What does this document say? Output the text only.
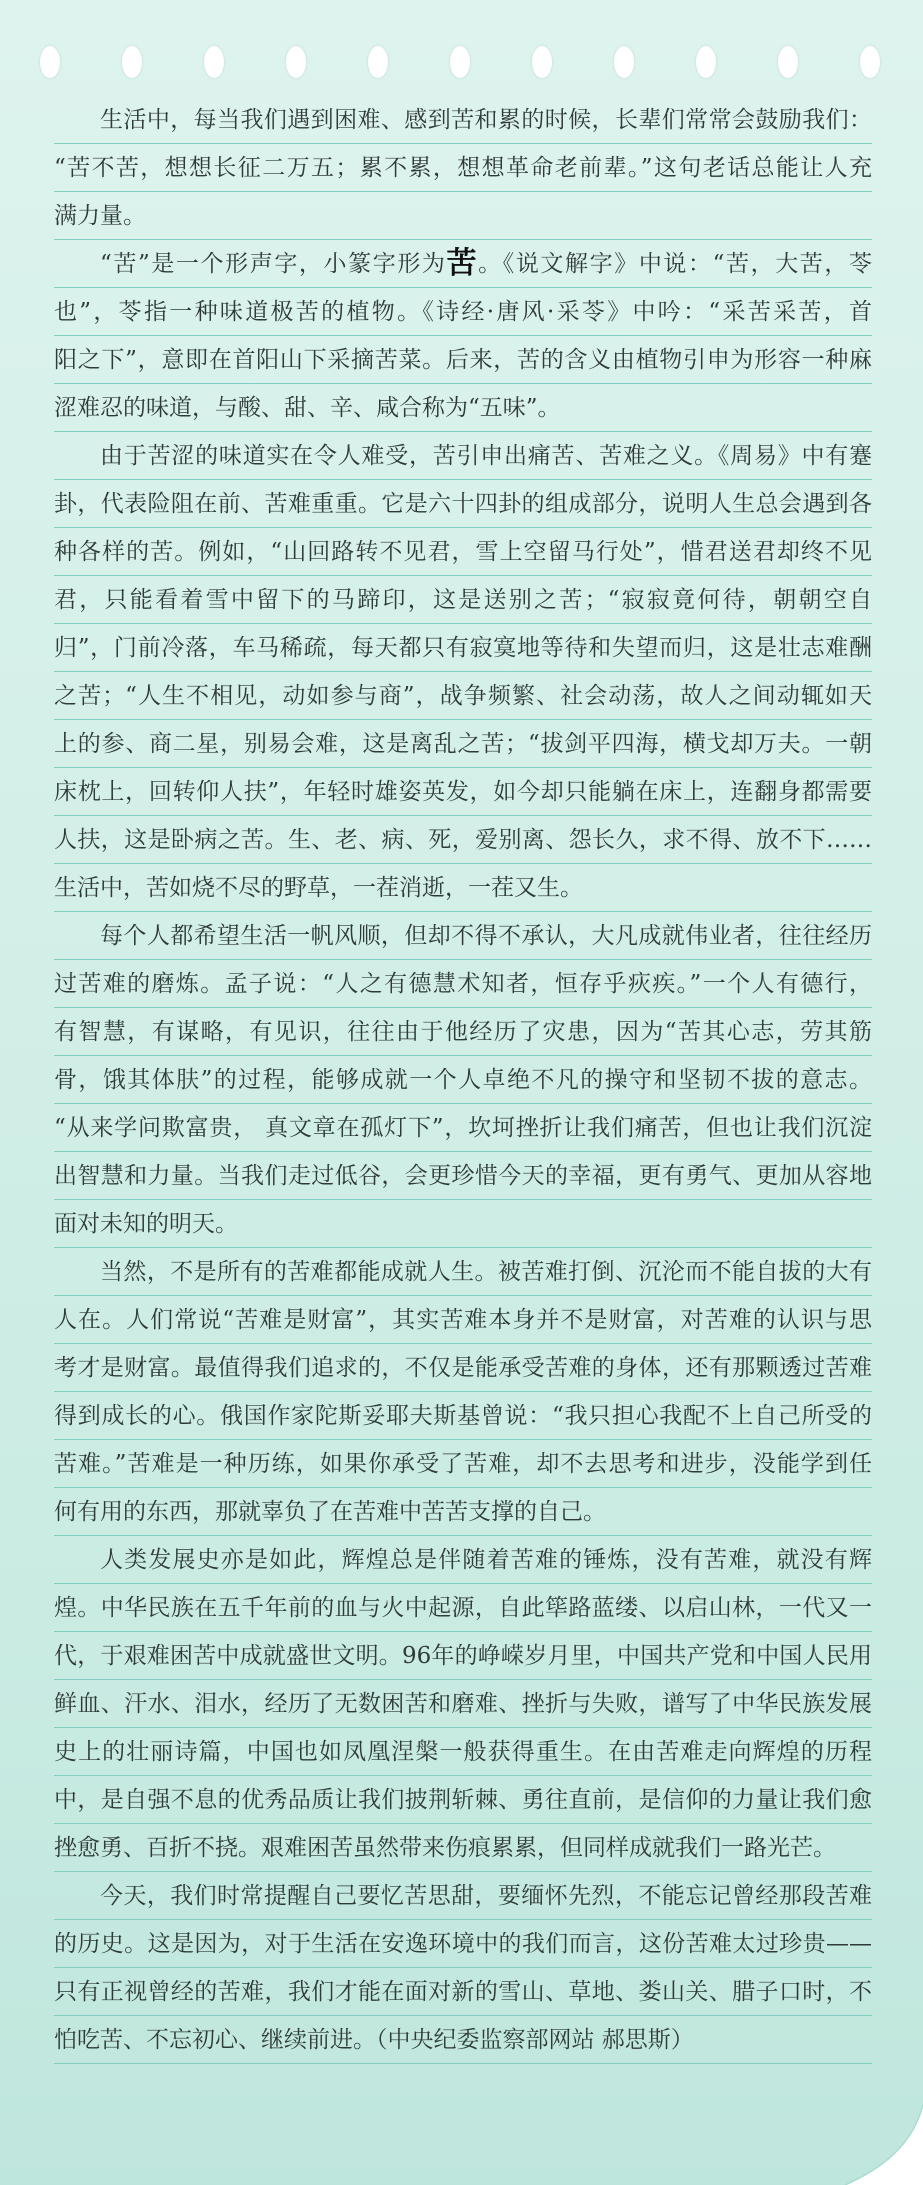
生活中，每当我们遇到困难、感到苦和累的时候，长辈们常常会鼓励我们：
“苦不苦，想想长征二万五；累不累，想想革命老前辈。”这句老话总能让人充
满力量。
“苦”是一个形声字，小篆字形为苦。《说文解字》中说：“苦，大苦，苓
也”，苓指一种味道极苦的植物。《诗经·唐风·采苓》中吟：“采苦采苦，首
阳之下”，意即在首阳山下采摘苦菜。后来，苦的含义由植物引申为形容一种麻
涩难忍的味道，与酸、甜、辛、咸合称为“五味”。
由于苦涩的味道实在令人难受，苦引申出痛苦、苦难之义。《周易》中有蹇
卦，代表险阻在前、苦难重重。它是六十四卦的组成部分，说明人生总会遇到各
种各样的苦。例如，“山回路转不见君，雪上空留马行处”，惜君送君却终不见
君，只能看着雪中留下的马蹄印，这是送别之苦；“寂寂竟何待，朝朝空自
归”，门前冷落，车马稀疏，每天都只有寂寞地等待和失望而归，这是壮志难酬
之苦；“人生不相见，动如参与商”，战争频繁、社会动荡，故人之间动辄如天
上的参、商二星，别易会难，这是离乱之苦；“拔剑平四海，横戈却万夫。一朝
床枕上，回转仰人扶”，年轻时雄姿英发，如今却只能躺在床上，连翻身都需要
人扶，这是卧病之苦。生、老、病、死，爱别离、怨长久，求不得、放不下……
生活中，苦如烧不尽的野草，一茬消逝，一茬又生。
每个人都希望生活一帆风顺，但却不得不承认，大凡成就伟业者，往往经历
过苦难的磨炼。孟子说：“人之有德慧术知者，恒存乎疢疾。”一个人有德行，
有智慧，有谋略，有见识，往往由于他经历了灾患，因为“苦其心志，劳其筋
骨，饿其体肤”的过程，能够成就一个人卓绝不凡的操守和坚韧不拔的意志。
“从来学问欺富贵， 真文章在孤灯下”，坎坷挫折让我们痛苦，但也让我们沉淀
出智慧和力量。当我们走过低谷，会更珍惜今天的幸福，更有勇气、更加从容地
面对未知的明天。
当然，不是所有的苦难都能成就人生。被苦难打倒、沉沦而不能自拔的大有
人在。人们常说“苦难是财富”，其实苦难本身并不是财富，对苦难的认识与思
考才是财富。最值得我们追求的，不仅是能承受苦难的身体，还有那颗透过苦难
得到成长的心。俄国作家陀斯妥耶夫斯基曾说：“我只担心我配不上自己所受的
苦难。”苦难是一种历练，如果你承受了苦难，却不去思考和进步，没能学到任
何有用的东西，那就辜负了在苦难中苦苦支撑的自己。
人类发展史亦是如此，辉煌总是伴随着苦难的锤炼，没有苦难，就没有辉
煌。中华民族在五千年前的血与火中起源，自此筚路蓝缕、以启山林，一代又一
代，于艰难困苦中成就盛世文明。96年的峥嵘岁月里，中国共产党和中国人民用
鲜血、汗水、泪水，经历了无数困苦和磨难、挫折与失败，谱写了中华民族发展
史上的壮丽诗篇，中国也如凤凰涅槃一般获得重生。在由苦难走向辉煌的历程
中，是自强不息的优秀品质让我们披荆斩棘、勇往直前，是信仰的力量让我们愈
挫愈勇、百折不挠。艰难困苦虽然带来伤痕累累，但同样成就我们一路光芒。
今天，我们时常提醒自己要忆苦思甜，要缅怀先烈，不能忘记曾经那段苦难
的历史。这是因为，对于生活在安逸环境中的我们而言，这份苦难太过珍贵——
只有正视曾经的苦难，我们才能在面对新的雪山、草地、娄山关、腊子口时，不
怕吃苦、不忘初心、继续前进。（中央纪委监察部网站 郝思斯）
